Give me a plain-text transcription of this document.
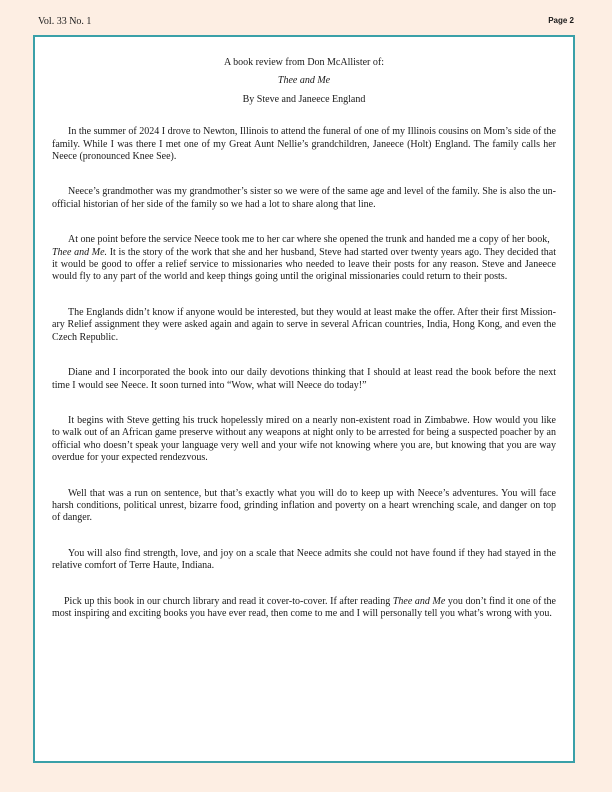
Vol. 33 No. 1	Page 2
A book review from Don McAllister of:
Thee and Me
By Steve and Janeece England

In the summer of 2024 I drove to Newton, Illinois to attend the funeral of one of my Illinois cousins on Mom’s side of the family. While I was there I met one of my Great Aunt Nellie’s grandchildren, Janeece (Holt) England. The family calls her Neece (pronounced Knee See).

Neece’s grandmother was my grandmother’s sister so we were of the same age and level of the family. She is also the un-official historian of her side of the family so we had a lot to share along that line.

At one point before the service Neece took me to her car where she opened the trunk and handed me a copy of her book,
Thee and Me. It is the story of the work that she and her husband, Steve had started over twenty years ago. They decided that it would be good to offer a relief service to missionaries who needed to leave their posts for any reason. Steve and Janeece would fly to any part of the world and keep things going until the original missionaries could return to their posts.

The Englands didn’t know if anyone would be interested, but they would at least make the offer. After their first Mission-ary Relief assignment they were asked again and again to serve in several African countries, India, Hong Kong, and even the Czech Republic.

Diane and I incorporated the book into our daily devotions thinking that I should at least read the book before the next time I would see Neece. It soon turned into “Wow, what will Neece do today!”

It begins with Steve getting his truck hopelessly mired on a nearly non-existent road in Zimbabwe. How would you like to walk out of an African game preserve without any weapons at night only to be arrested for being a suspected poacher by an official who doesn’t speak your language very well and your wife not knowing where you are, but knowing that you are way overdue for your expected rendezvous.

Well that was a run on sentence, but that’s exactly what you will do to keep up with Neece’s adventures. You will face harsh conditions, political unrest, bizarre food, grinding inflation and poverty on a heart wrenching scale, and danger on top of danger.

You will also find strength, love, and joy on a scale that Neece admits she could not have found if they had stayed in the relative comfort of Terre Haute, Indiana.

Pick up this book in our church library and read it cover-to-cover. If after reading Thee and Me you don’t find it one of the most inspiring and exciting books you have ever read, then come to me and I will personally tell you what’s wrong with you.
